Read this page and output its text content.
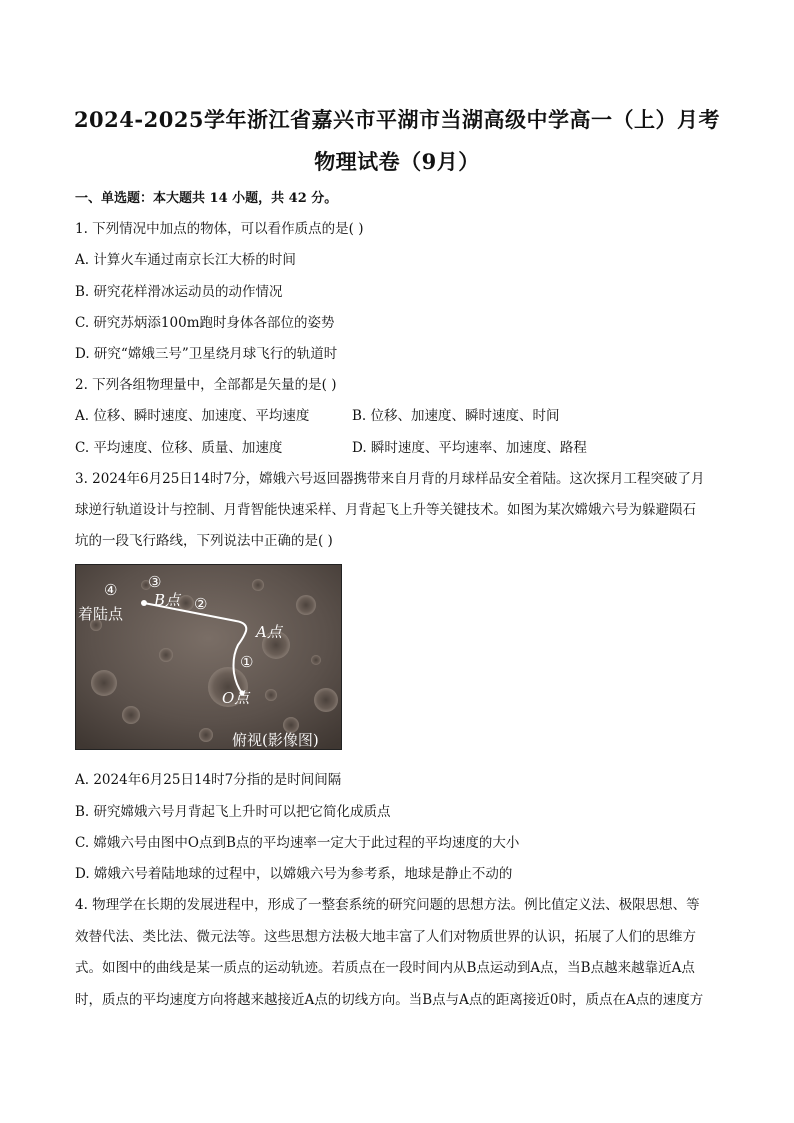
2024-2025学年浙江省嘉兴市平湖市当湖高级中学高一（上）月考
物理试卷（9月）
一、单选题：本大题共 14 小题，共 42 分。
1. 下列情况中加点的物体，可以看作质点的是( )
A. 计算火车通过南京长江大桥的时间
B. 研究花样滑冰运动员的动作情况
C. 研究苏炳添100m跑时身体各部位的姿势
D. 研究“嫦娥三号”卫星绕月球飞行的轨道时
2. 下列各组物理量中，全部都是矢量的是( )
A. 位移、瞬时速度、加速度、平均速度	B. 位移、加速度、瞬时速度、时间
C. 平均速度、位移、质量、加速度	D. 瞬时速度、平均速率、加速度、路程
3. 2024年6月25日14时7分，嫦娥六号返回器携带来自月背的月球样品安全着陆。这次探月工程突破了月
球逆行轨道设计与控制、月背智能快速采样、月背起飞上升等关键技术。如图为某次嫦娥六号为躲避陨石
坑的一段飞行路线，下列说法中正确的是( )
④
着陆点
③
B点 ②
A点
①
O点
俯视(影像图)
A. 2024年6月25日14时7分指的是时间间隔
B. 研究嫦娥六号月背起飞上升时可以把它简化成质点
C. 嫦娥六号由图中O点到B点的平均速率一定大于此过程的平均速度的大小
D. 嫦娥六号着陆地球的过程中，以嫦娥六号为参考系，地球是静止不动的
4. 物理学在长期的发展进程中，形成了一整套系统的研究问题的思想方法。例比值定义法、极限思想、等
效替代法、类比法、微元法等。这些思想方法极大地丰富了人们对物质世界的认识，拓展了人们的思维方
式。如图中的曲线是某一质点的运动轨迹。若质点在一段时间内从B点运动到A点，当B点越来越靠近A点
时，质点的平均速度方向将越来越接近A点的切线方向。当B点与A点的距离接近0时，质点在A点的速度方
